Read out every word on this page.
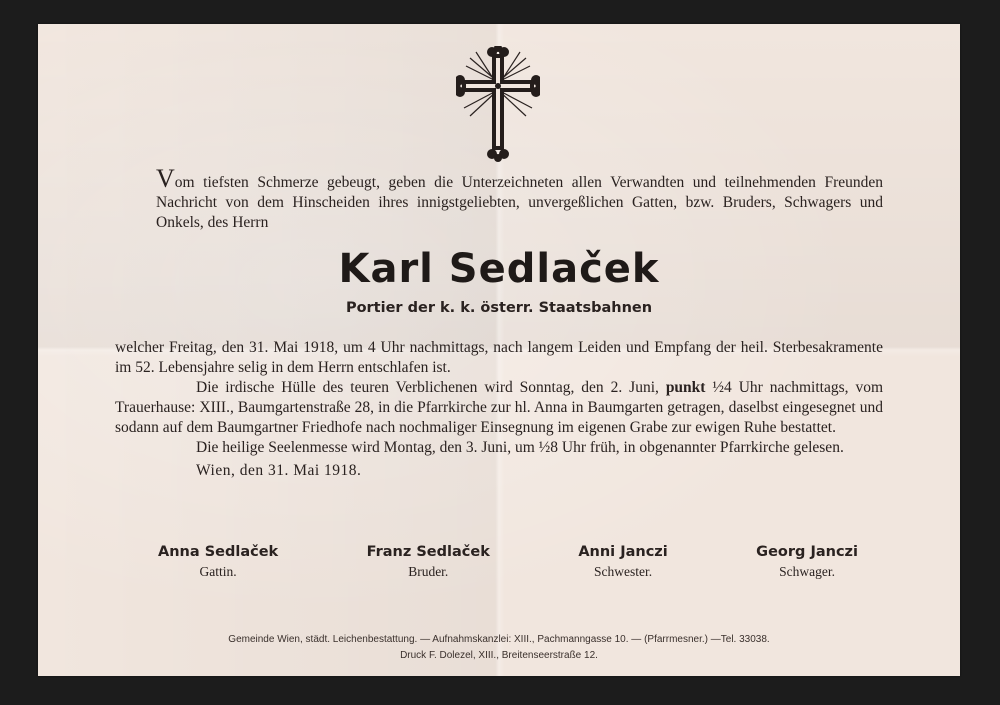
Vom tiefsten Schmerze gebeugt, geben die Unterzeichneten allen Verwandten und teilnehmenden Freunden Nachricht von dem Hinscheiden ihres innigstgeliebten, unvergeßlichen Gatten, bzw. Bruders, Schwagers und Onkels, des Herrn

Karl Sedlaček

Portier der k. k. österr. Staatsbahnen

welcher Freitag, den 31. Mai 1918, um 4 Uhr nachmittags, nach langem Leiden und Empfang der heil. Sterbesakramente im 52. Lebensjahre selig in dem Herrn entschlafen ist.

Die irdische Hülle des teuren Verblichenen wird Sonntag, den 2. Juni, punkt ½4 Uhr nachmittags, vom Trauerhause: XIII., Baumgartenstraße 28, in die Pfarrkirche zur hl. Anna in Baumgarten getragen, daselbst eingesegnet und sodann auf dem Baumgartner Friedhofe nach nochmaliger Einsegnung im eigenen Grabe zur ewigen Ruhe bestattet.

Die heilige Seelenmesse wird Montag, den 3. Juni, um ½8 Uhr früh, in obgenannter Pfarrkirche gelesen.

Wien, den 31. Mai 1918.

Anna Sedlaček
Gattin.
Franz Sedlaček
Bruder.
Anni Janczi
Schwester.
Georg Janczi
Schwager.
Gemeinde Wien, städt. Leichenbestattung. — Aufnahmskanzlei: XIII., Pachmanngasse 10. — (Pfarrmesner.) —Tel. 33038.
Druck F. Dolezel, XIII., Breitenseerstraße 12.
